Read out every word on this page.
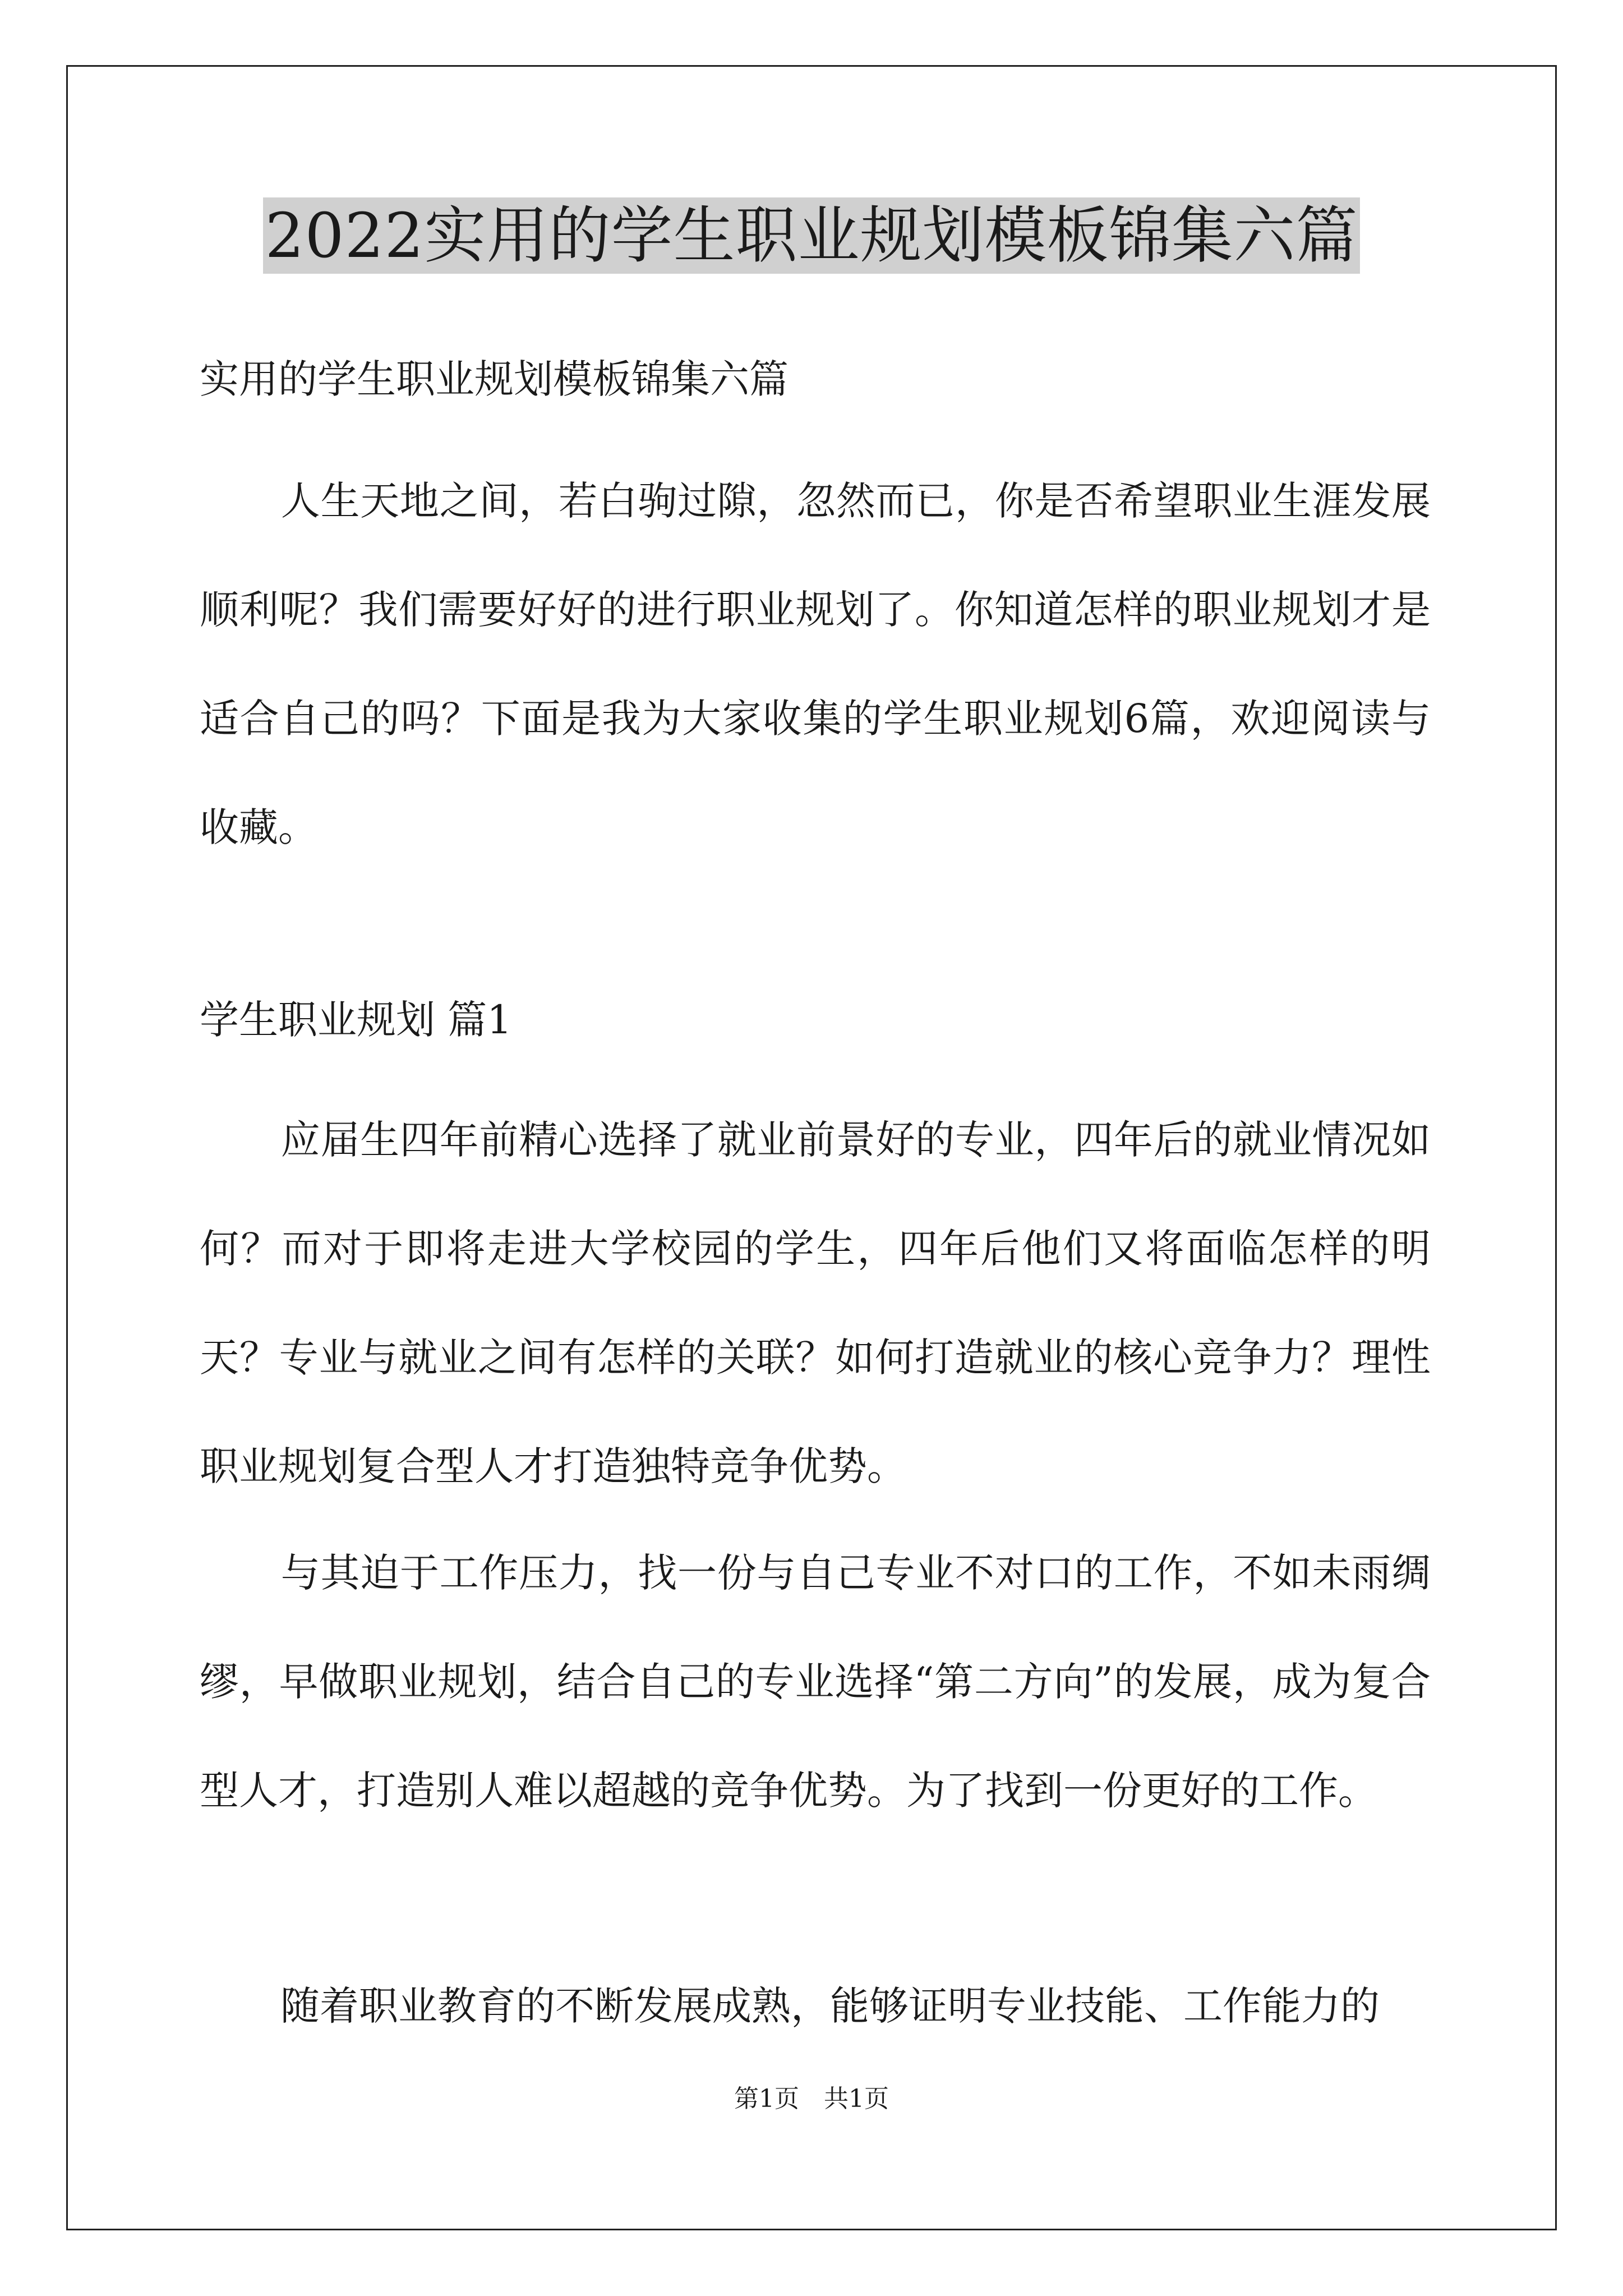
2022实用的学生职业规划模板锦集六篇
实用的学生职业规划模板锦集六篇

人生天地之间，若白驹过隙，忽然而已，你是否希望职业生涯发展顺利呢？我们需要好好的进行职业规划了。你知道怎样的职业规划才是适合自己的吗？下面是我为大家收集的学生职业规划6篇，欢迎阅读与收藏。

学生职业规划 篇1

应届生四年前精心选择了就业前景好的专业，四年后的就业情况如何？而对于即将走进大学校园的学生，四年后他们又将面临怎样的明天？专业与就业之间有怎样的关联？如何打造就业的核心竞争力？理性职业规划复合型人才打造独特竞争优势。

与其迫于工作压力，找一份与自己专业不对口的工作，不如未雨绸缪，早做职业规划，结合自己的专业选择“第二方向”的发展，成为复合型人才，打造别人难以超越的竞争优势。为了找到一份更好的工作。

随着职业教育的不断发展成熟，能够证明专业技能、工作能力的

第1页　共1页
